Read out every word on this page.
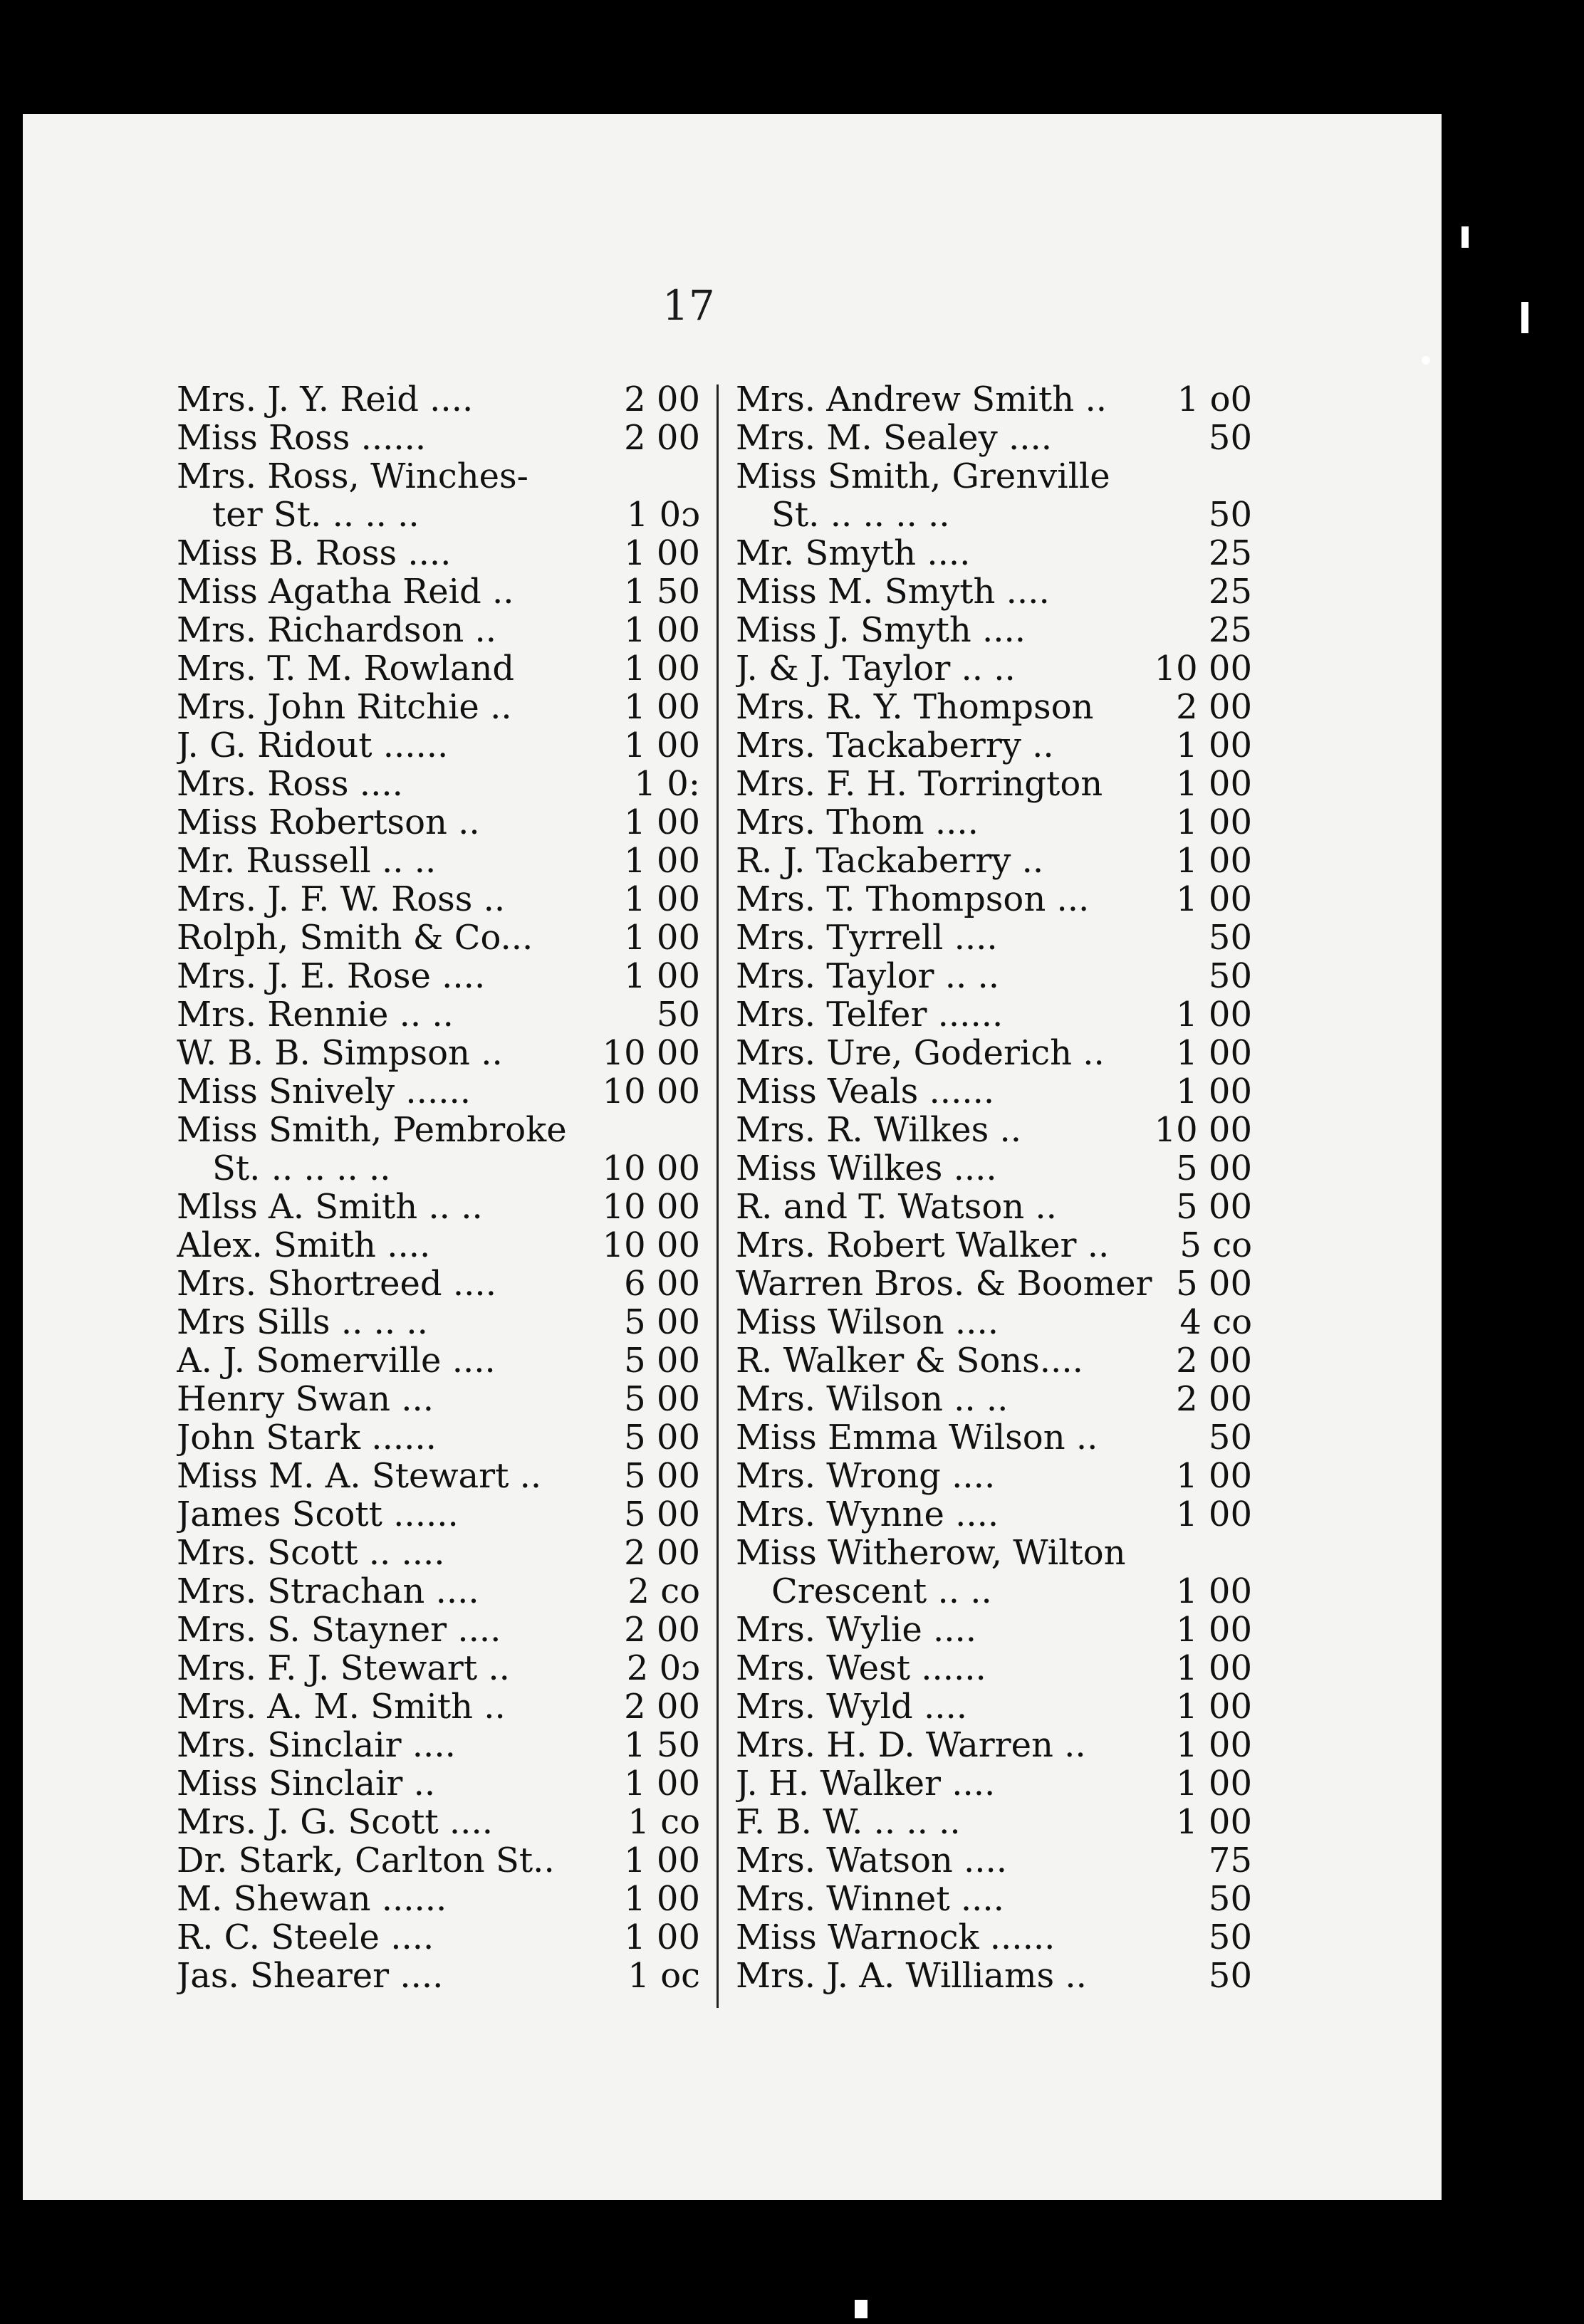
17
Mrs. J. Y. Reid ....	2 00
Miss Ross ......	2 00
Mrs. Ross, Winches-
ter St. .. .. ..	1 0ɔ
Miss B. Ross ....	1 00
Miss Agatha Reid ..	1 50
Mrs. Richardson ..	1 00
Mrs. T. M. Rowland	1 00
Mrs. John Ritchie ..	1 00
J. G. Ridout ......	1 00
Mrs. Ross ....	1 0:
Miss Robertson ..	1 00
Mr. Russell .. ..	1 00
Mrs. J. F. W. Ross ..	1 00
Rolph, Smith & Co...	1 00
Mrs. J. E. Rose ....	1 00
Mrs. Rennie .. ..	50
W. B. B. Simpson ..	10 00
Miss Snively ......	10 00
Miss Smith, Pembroke
St. .. .. .. ..	10 00
Mlss A. Smith .. ..	10 00
Alex. Smith ....	10 00
Mrs. Shortreed ....	6 00
Mrs Sills .. .. ..	5 00
A. J. Somerville ....	5 00
Henry Swan ...	5 00
John Stark ......	5 00
Miss M. A. Stewart ..	5 00
James Scott ......	5 00
Mrs. Scott .. ....	2 00
Mrs. Strachan ....	2 co
Mrs. S. Stayner ....	2 00
Mrs. F. J. Stewart ..	2 0ɔ
Mrs. A. M. Smith ..	2 00
Mrs. Sinclair ....	1 50
Miss Sinclair ..	1 00
Mrs. J. G. Scott ....	1 co
Dr. Stark, Carlton St..	1 00
M. Shewan ......	1 00
R. C. Steele ....	1 00
Jas. Shearer ....	1 oc
Mrs. Andrew Smith ..	1 o0
Mrs. M. Sealey ....	50
Miss Smith, Grenville
St. .. .. .. ..	50
Mr. Smyth ....	25
Miss M. Smyth ....	25
Miss J. Smyth ....	25
J. & J. Taylor .. ..	10 00
Mrs. R. Y. Thompson	2 00
Mrs. Tackaberry ..	1 00
Mrs. F. H. Torrington	1 00
Mrs. Thom ....	1 00
R. J. Tackaberry ..	1 00
Mrs. T. Thompson ...	1 00
Mrs. Tyrrell ....	50
Mrs. Taylor .. ..	50
Mrs. Telfer ......	1 00
Mrs. Ure, Goderich ..	1 00
Miss Veals ......	1 00
Mrs. R. Wilkes ..	10 00
Miss Wilkes ....	5 00
R. and T. Watson ..	5 00
Mrs. Robert Walker ..	5 co
Warren Bros. & Boomer 5 00
Miss Wilson ....	4 co
R. Walker & Sons....	2 00
Mrs. Wilson .. ..	2 00
Miss Emma Wilson ..	50
Mrs. Wrong ....	1 00
Mrs. Wynne ....	1 00
Miss Witherow, Wilton
Crescent .. ..	1 00
Mrs. Wylie ....	1 00
Mrs. West ......	1 00
Mrs. Wyld ....	1 00
Mrs. H. D. Warren ..	1 00
J. H. Walker ....	1 00
F. B. W. .. .. ..	1 00
Mrs. Watson ....	75
Mrs. Winnet ....	50
Miss Warnock ......	50
Mrs. J. A. Williams ..	50
